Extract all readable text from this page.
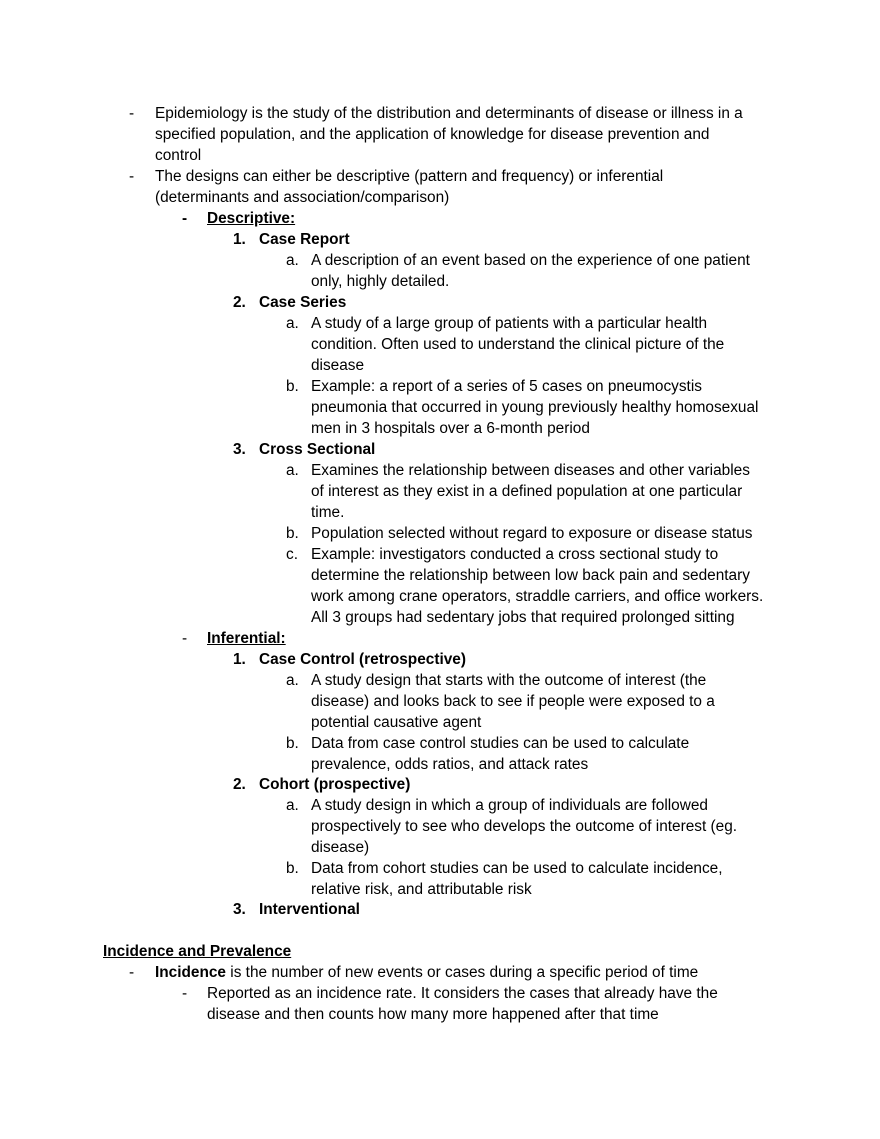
- Epidemiology is the study of the distribution and determinants of disease or illness in a
specified population, and the application of knowledge for disease prevention and
control
- The designs can either be descriptive (pattern and frequency) or inferential
(determinants and association/comparison)
- Descriptive:
1. Case Report
a. A description of an event based on the experience of one patient
only, highly detailed.
2. Case Series
a. A study of a large group of patients with a particular health
condition. Often used to understand the clinical picture of the
disease
b. Example: a report of a series of 5 cases on pneumocystis
pneumonia that occurred in young previously healthy homosexual
men in 3 hospitals over a 6-month period
3. Cross Sectional
a. Examines the relationship between diseases and other variables
of interest as they exist in a defined population at one particular
time.
b. Population selected without regard to exposure or disease status
c. Example: investigators conducted a cross sectional study to
determine the relationship between low back pain and sedentary
work among crane operators, straddle carriers, and office workers.
All 3 groups had sedentary jobs that required prolonged sitting
- Inferential:
1. Case Control (retrospective)
a. A study design that starts with the outcome of interest (the
disease) and looks back to see if people were exposed to a
potential causative agent
b. Data from case control studies can be used to calculate
prevalence, odds ratios, and attack rates
2. Cohort (prospective)
a. A study design in which a group of individuals are followed
prospectively to see who develops the outcome of interest (eg.
disease)
b. Data from cohort studies can be used to calculate incidence,
relative risk, and attributable risk
3. Interventional
Incidence and Prevalence
- Incidence is the number of new events or cases during a specific period of time
- Reported as an incidence rate. It considers the cases that already have the
disease and then counts how many more happened after that time
